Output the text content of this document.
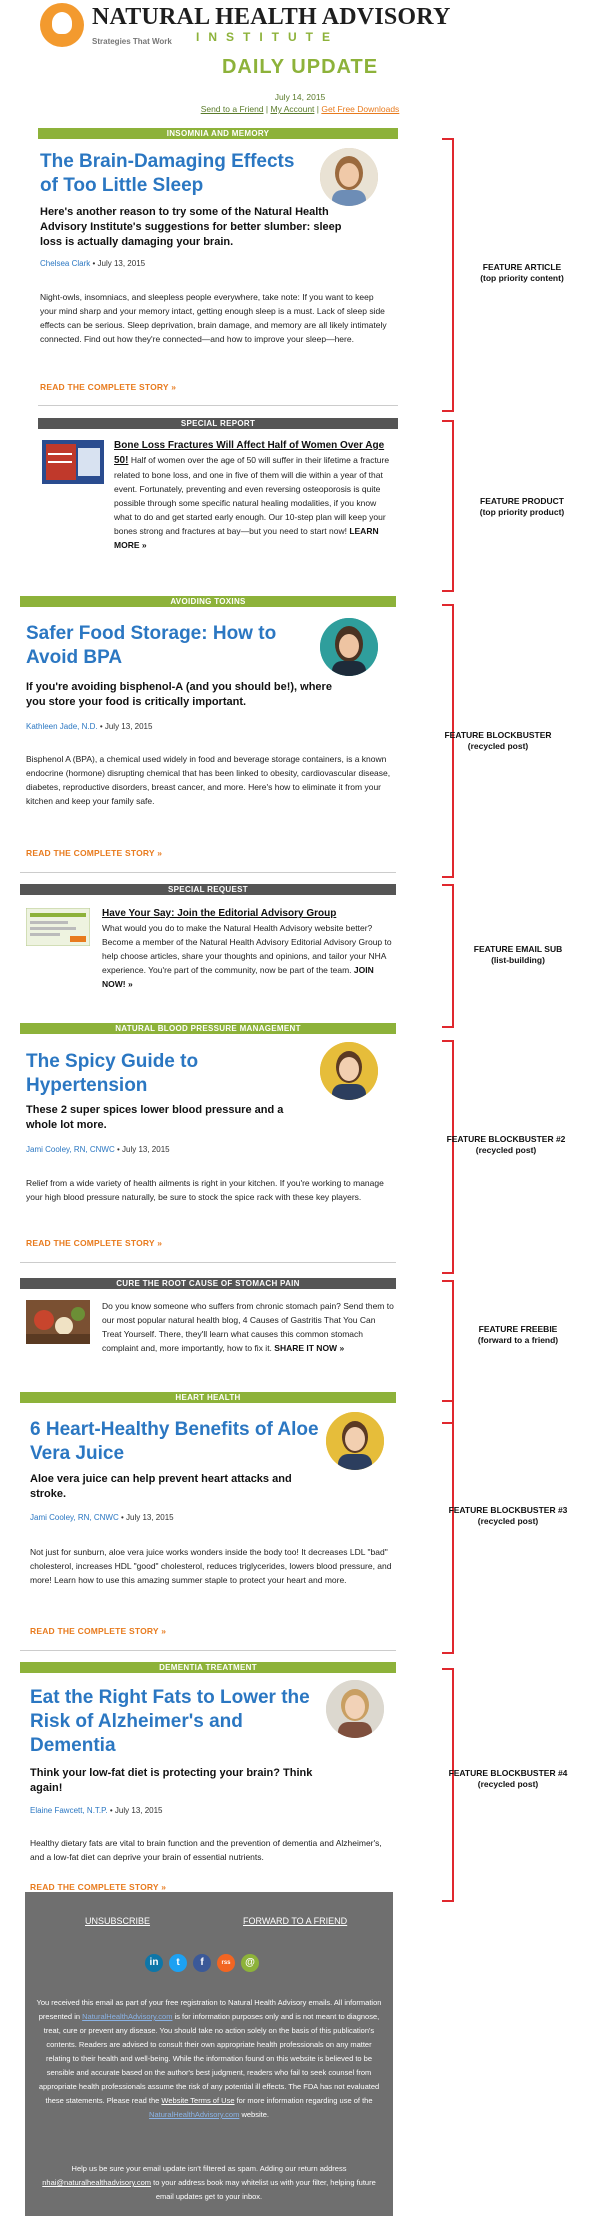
NATURAL HEALTH ADVISORY
INSTITUTE
Strategies That Work
DAILY UPDATE
July 14, 2015
Send to a Friend | My Account | Get Free Downloads
INSOMNIA AND MEMORY
The Brain-Damaging Effects of Too Little Sleep
Here's another reason to try some of the Natural Health Advisory Institute's suggestions for better slumber: sleep loss is actually damaging your brain.
Chelsea Clark • July 13, 2015
Night-owls, insomniacs, and sleepless people everywhere, take note: If you want to keep your mind sharp and your memory intact, getting enough sleep is a must. Lack of sleep side effects can be serious. Sleep deprivation, brain damage, and memory are all likely intimately connected. Find out how they're connected—and how to improve your sleep—here.
READ THE COMPLETE STORY »
FEATURE ARTICLE
(top priority content)
SPECIAL REPORT
Bone Loss Fractures Will Affect Half of Women Over Age 50! Half of women over the age of 50 will suffer in their lifetime a fracture related to bone loss, and one in five of them will die within a year of that event. Fortunately, preventing and even reversing osteoporosis is quite possible through some specific natural healing modalities, if you know what to do and get started early enough. Our 10-step plan will keep your bones strong and fractures at bay—but you need to start now! LEARN MORE »
FEATURE PRODUCT
(top priority product)
AVOIDING TOXINS
Safer Food Storage: How to Avoid BPA
If you're avoiding bisphenol-A (and you should be!), where you store your food is critically important.
Kathleen Jade, N.D. • July 13, 2015
Bisphenol A (BPA), a chemical used widely in food and beverage storage containers, is a known endocrine (hormone) disrupting chemical that has been linked to obesity, cardiovascular disease, diabetes, reproductive disorders, breast cancer, and more. Here's how to eliminate it from your kitchen and keep your family safe.
READ THE COMPLETE STORY »
FEATURE BLOCKBUSTER
(recycled post)
SPECIAL REQUEST
Have Your Say: Join the Editorial Advisory Group
What would you do to make the Natural Health Advisory website better? Become a member of the Natural Health Advisory Editorial Advisory Group to help choose articles, share your thoughts and opinions, and tailor your NHA experience. You're part of the community, now be part of the team. JOIN NOW! »
FEATURE EMAIL SUB
(list-building)
NATURAL BLOOD PRESSURE MANAGEMENT
The Spicy Guide to Hypertension
These 2 super spices lower blood pressure and a whole lot more.
Jami Cooley, RN, CNWC • July 13, 2015
Relief from a wide variety of health ailments is right in your kitchen. If you're working to manage your high blood pressure naturally, be sure to stock the spice rack with these key players.
READ THE COMPLETE STORY »
FEATURE BLOCKBUSTER #2
(recycled post)
CURE THE ROOT CAUSE OF STOMACH PAIN
Do you know someone who suffers from chronic stomach pain? Send them to our most popular natural health blog, 4 Causes of Gastritis That You Can Treat Yourself. There, they'll learn what causes this common stomach complaint and, more importantly, how to fix it. SHARE IT NOW »
FEATURE FREEBIE
(forward to a friend)
HEART HEALTH
6 Heart-Healthy Benefits of Aloe Vera Juice
Aloe vera juice can help prevent heart attacks and stroke.
Jami Cooley, RN, CNWC • July 13, 2015
Not just for sunburn, aloe vera juice works wonders inside the body too! It decreases LDL "bad" cholesterol, increases HDL "good" cholesterol, reduces triglycerides, lowers blood pressure, and more! Learn how to use this amazing summer staple to protect your heart and more.
READ THE COMPLETE STORY »
FEATURE BLOCKBUSTER #3
(recycled post)
DEMENTIA TREATMENT
Eat the Right Fats to Lower the Risk of Alzheimer's and Dementia
Think your low-fat diet is protecting your brain? Think again!
Elaine Fawcett, N.T.P. • July 13, 2015
Healthy dietary fats are vital to brain function and the prevention of dementia and Alzheimer's, and a low-fat diet can deprive your brain of essential nutrients.
READ THE COMPLETE STORY »
FEATURE BLOCKBUSTER #4
(recycled post)
UNSUBSCRIBE	FORWARD TO A FRIEND
in	t	f	rss	@
You received this email as part of your free registration to Natural Health Advisory emails. All information presented in NaturalHealthAdvisory.com is for information purposes only and is not meant to diagnose, treat, cure or prevent any disease. You should take no action solely on the basis of this publication's contents. Readers are advised to consult their own appropriate health professionals on any matter relating to their health and well-being. While the information found on this website is believed to be sensible and accurate based on the author's best judgment, readers who fail to seek counsel from appropriate health professionals assume the risk of any potential ill effects. The FDA has not evaluated these statements. Please read the Website Terms of Use for more information regarding use of the NaturalHealthAdvisory.com website.
Help us be sure your email update isn't filtered as spam. Adding our return address nhai@naturalhealthadvisory.com to your address book may whitelist us with your filter, helping future email updates get to your inbox.
